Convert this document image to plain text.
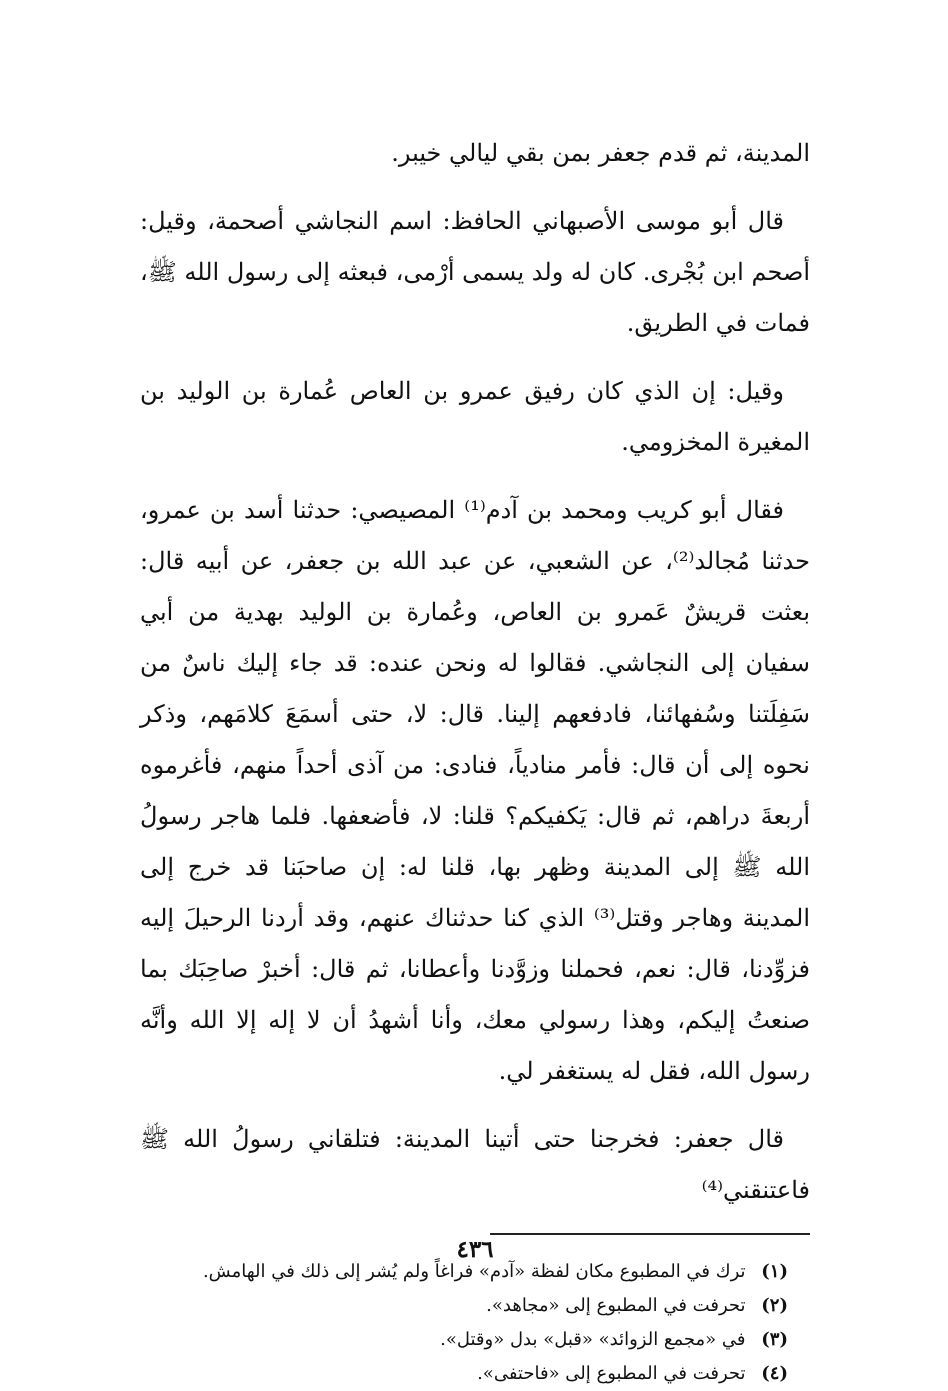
المدينة، ثم قدم جعفر بمن بقي ليالي خيبر.

قال أبو موسى الأصبهاني الحافظ: اسم النجاشي أصحمة، وقيل: أصحم ابن بُجْرى. كان له ولد يسمى أرْمى، فبعثه إلى رسول الله ﷺ، فمات في الطريق.

وقيل: إن الذي كان رفيق عمرو بن العاص عُمارة بن الوليد بن المغيرة المخزومي.

فقال أبو كريب ومحمد بن آدم⁽¹⁾ المصيصي: حدثنا أسد بن عمرو، حدثنا مُجالد⁽²⁾، عن الشعبي، عن عبد الله بن جعفر، عن أبيه قال: بعثت قريشٌ عَمرو بن العاص، وعُمارة بن الوليد بهدية من أبي سفيان إلى النجاشي. فقالوا له ونحن عنده: قد جاء إليك ناسٌ من سَفِلَتنا وسُفهائنا، فادفعهم إلينا. قال: لا، حتى أسمَعَ كلامَهم، وذكر نحوه إلى أن قال: فأمر منادياً، فنادى: من آذى أحداً منهم، فأغرموه أربعةَ دراهم، ثم قال: يَكفيكم؟ قلنا: لا، فأضعفها. فلما هاجر رسولُ الله ﷺ إلى المدينة وظهر بها، قلنا له: إن صاحبَنا قد خرج إلى المدينة وهاجر وقتل⁽³⁾ الذي كنا حدثناك عنهم، وقد أردنا الرحيلَ إليه فزوِّدنا، قال: نعم، فحملنا وزوَّدنا وأعطانا، ثم قال: أخبرْ صاحِبَك بما صنعتُ إليكم، وهذا رسولي معك، وأنا أشهدُ أن لا إله إلا الله وأنَّه رسول الله، فقل له يستغفر لي.

قال جعفر: فخرجنا حتى أتينا المدينة: فتلقاني رسولُ الله ﷺ فاعتنقني⁽⁴⁾

(١) ترك في المطبوع مكان لفظة «آدم» فراغاً ولم يُشر إلى ذلك في الهامش.

(٢) تحرفت في المطبوع إلى «مجاهد».

(٣) في «مجمع الزوائد» «قبل» بدل «وقتل».

(٤) تحرفت في المطبوع إلى «فاحتفى».

٤٣٦
